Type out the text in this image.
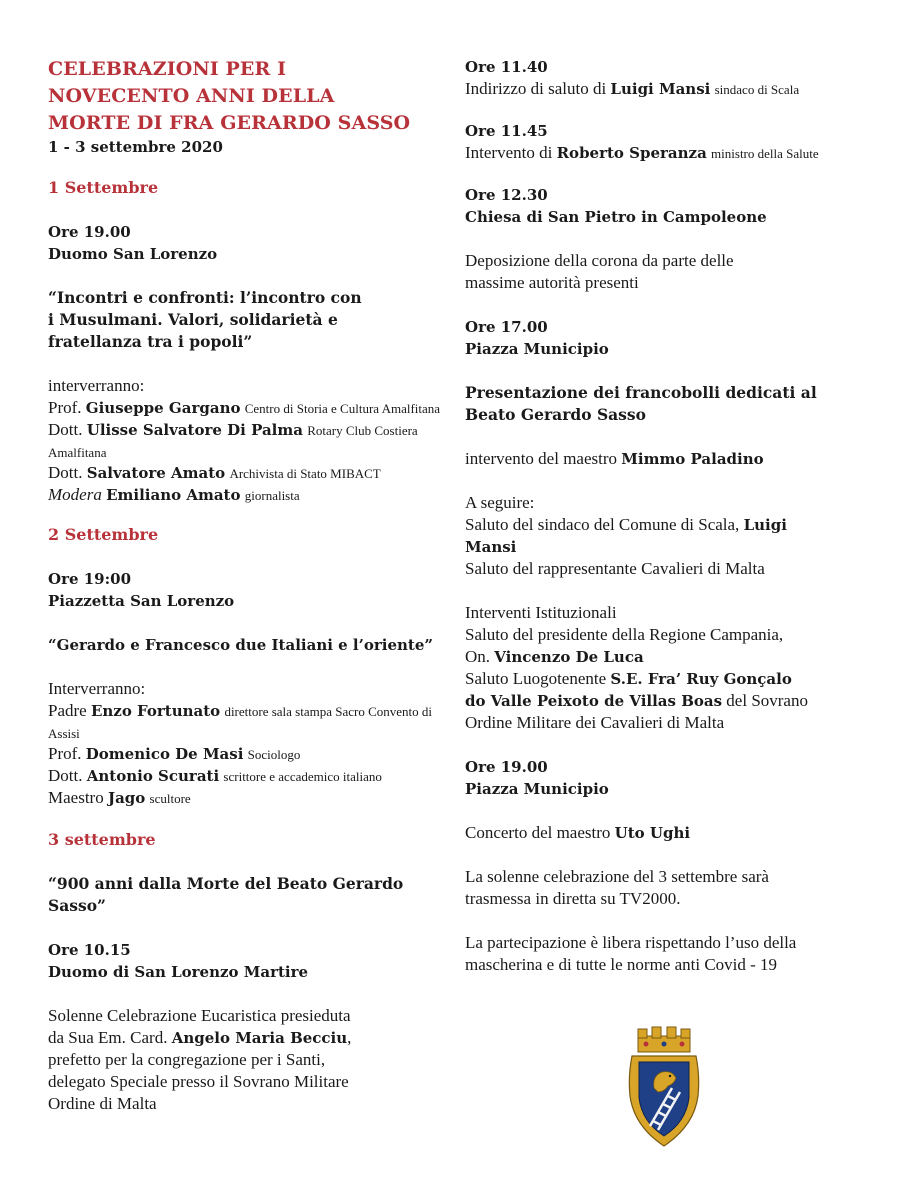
CELEBRAZIONI PER I

NOVECENTO ANNI DELLA

MORTE DI FRA GERARDO SASSO

1 - 3 settembre 2020

1 Settembre

Ore 19.00

Duomo San Lorenzo

“Incontri e confronti: l’incontro con

i Musulmani. Valori, solidarietà e

fratellanza tra i popoli”

interverranno:

Prof. Giuseppe Gargano Centro di Storia e Cultura Amalfitana

Dott. Ulisse Salvatore Di Palma Rotary Club Costiera Amalfitana

Dott. Salvatore Amato Archivista di Stato MIBACT

Modera Emiliano Amato giornalista

2 Settembre

Ore 19:00

Piazzetta San Lorenzo

“Gerardo e Francesco due Italiani e l’oriente”

Interverranno:

Padre Enzo Fortunato direttore sala stampa Sacro Convento di Assisi

Prof. Domenico De Masi Sociologo

Dott. Antonio Scurati scrittore e accademico italiano

Maestro Jago scultore

3 settembre

“900 anni dalla Morte del Beato Gerardo

Sasso”

Ore 10.15

Duomo di San Lorenzo Martire

Solenne Celebrazione Eucaristica presieduta

da Sua Em. Card. Angelo Maria Becciu,

prefetto per la congregazione per i Santi,

delegato Speciale presso il Sovrano Militare

Ordine di Malta

Ore 11.40

Indirizzo di saluto di Luigi Mansi sindaco di Scala

Ore 11.45

Intervento di Roberto Speranza ministro della Salute

Ore 12.30

Chiesa di San Pietro in Campoleone

Deposizione della corona da parte delle

massime autorità presenti

Ore 17.00

Piazza Municipio

Presentazione dei francobolli dedicati al

Beato Gerardo Sasso

intervento del maestro Mimmo Paladino

A seguire:

Saluto del sindaco del Comune di Scala, Luigi

Mansi

Saluto del rappresentante Cavalieri di Malta

Interventi Istituzionali

Saluto del presidente della Regione Campania,

On. Vincenzo De Luca

Saluto Luogotenente S.E. Fra’ Ruy Gonçalo

do Valle Peixoto de Villas Boas del Sovrano

Ordine Militare dei Cavalieri di Malta

Ore 19.00

Piazza Municipio

Concerto del maestro Uto Ughi

La solenne celebrazione del 3 settembre sarà

trasmessa in diretta su TV2000.

La partecipazione è libera rispettando l’uso della

mascherina e di tutte le norme anti Covid - 19
